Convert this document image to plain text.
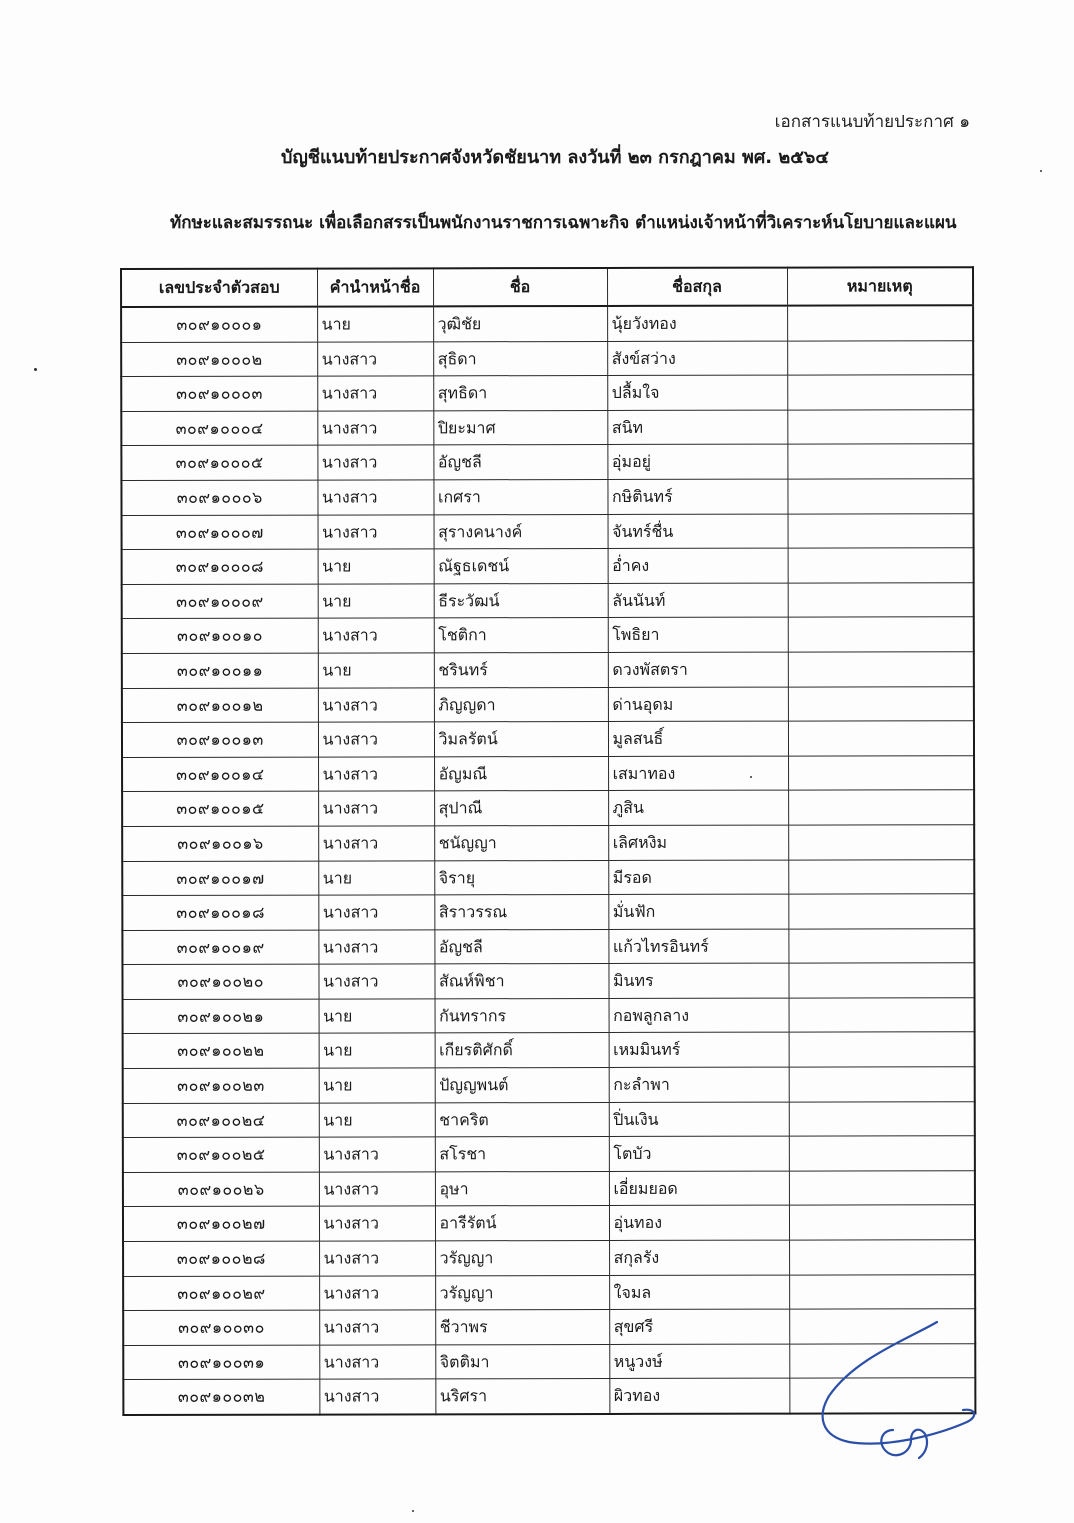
เอกสารแนบท้ายประกาศ ๑
บัญชีแนบท้ายประกาศจังหวัดชัยนาท ลงวันที่ ๒๓ กรกฎาคม พศ. ๒๕๖๔
ทักษะและสมรรถนะ เพื่อเลือกสรรเป็นพนักงานราชการเฉพาะกิจ ตำแหน่งเจ้าหน้าที่วิเคราะห์นโยบายและแผน
เลขประจำตัวสอบ	คำนำหน้าชื่อ	ชื่อ	ชื่อสกุล	หมายเหตุ
๓๐๙๑๐๐๐๑	นาย	วุฒิชัย	นุ้ยวังทอง	
๓๐๙๑๐๐๐๒	นางสาว	สุธิดา	สังข์สว่าง	
๓๐๙๑๐๐๐๓	นางสาว	สุทธิดา	ปลื้มใจ	
๓๐๙๑๐๐๐๔	นางสาว	ปิยะมาศ	สนิท	
๓๐๙๑๐๐๐๕	นางสาว	อัญชลี	อุ่มอยู่	
๓๐๙๑๐๐๐๖	นางสาว	เกศรา	กษิตินทร์	
๓๐๙๑๐๐๐๗	นางสาว	สุรางคนางค์	จันทร์ชื่น	
๓๐๙๑๐๐๐๘	นาย	ณัฐธเดชน์	อ่ำคง	
๓๐๙๑๐๐๐๙	นาย	ธีระวัฒน์	ลันนันท์	
๓๐๙๑๐๐๑๐	นางสาว	โชติกา	โพธิยา	
๓๐๙๑๐๐๑๑	นาย	ชรินทร์	ดวงพัสตรา	
๓๐๙๑๐๐๑๒	นางสาว	ภิญญดา	ด่านอุดม	
๓๐๙๑๐๐๑๓	นางสาว	วิมลรัตน์	มูลสนธิ์	
๓๐๙๑๐๐๑๔	นางสาว	อัญมณี	เสมาทอง	
๓๐๙๑๐๐๑๕	นางสาว	สุปาณี	ภูสิน	
๓๐๙๑๐๐๑๖	นางสาว	ชนัญญา	เลิศหงิม	
๓๐๙๑๐๐๑๗	นาย	จิรายุ	มีรอด	
๓๐๙๑๐๐๑๘	นางสาว	สิราวรรณ	มั่นฟัก	
๓๐๙๑๐๐๑๙	นางสาว	อัญชลี	แก้วไทรอินทร์	
๓๐๙๑๐๐๒๐	นางสาว	สัณห์พิชา	มินทร	
๓๐๙๑๐๐๒๑	นาย	กันทรากร	กอพลูกลาง	
๓๐๙๑๐๐๒๒	นาย	เกียรติศักดิ์	เหมมินทร์	
๓๐๙๑๐๐๒๓	นาย	ปัญญพนต์	กะลำพา	
๓๐๙๑๐๐๒๔	นาย	ชาคริต	ปิ่นเงิน	
๓๐๙๑๐๐๒๕	นางสาว	สโรชา	โตบัว	
๓๐๙๑๐๐๒๖	นางสาว	อุษา	เอี่ยมยอด	
๓๐๙๑๐๐๒๗	นางสาว	อารีรัตน์	อุ่นทอง	
๓๐๙๑๐๐๒๘	นางสาว	วรัญญา	สกุลรัง	
๓๐๙๑๐๐๒๙	นางสาว	วรัญญา	ใจมล	
๓๐๙๑๐๐๓๐	นางสาว	ชีวาพร	สุขศรี	
๓๐๙๑๐๐๓๑	นางสาว	จิตติมา	หนูวงษ์	
๓๐๙๑๐๐๓๒	นางสาว	นริศรา	ผิวทอง	
